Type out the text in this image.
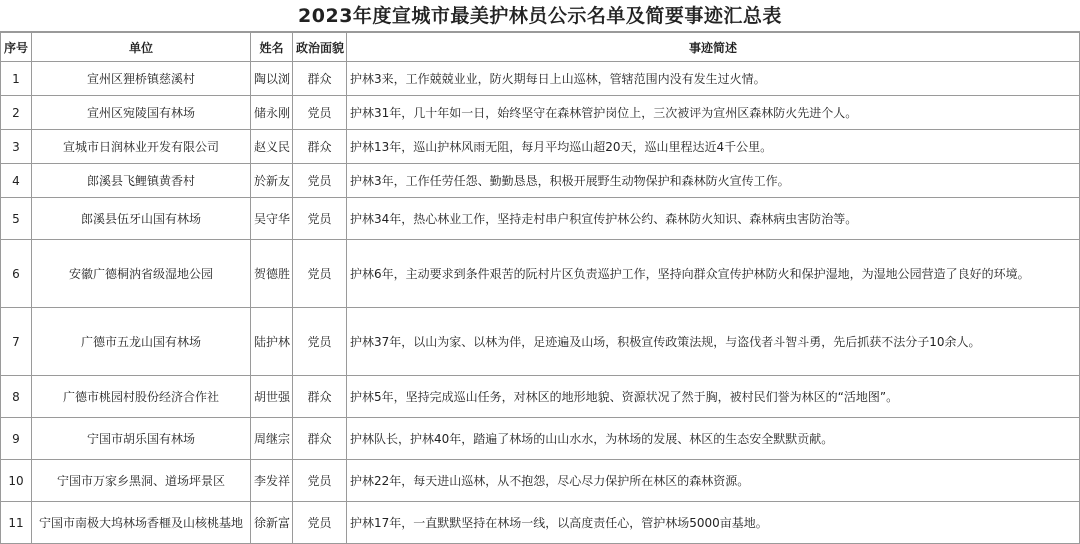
2023年度宣城市最美护林员公示名单及简要事迹汇总表
序号	单位	姓名	政治面貌	事迹简述
1	宣州区狸桥镇慈溪村	陶以浏	群众	护林3来，工作兢兢业业，防火期每日上山巡林，管辖范围内没有发生过火情。
2	宣州区宛陵国有林场	储永刚	党员	护林31年，几十年如一日，始终坚守在森林管护岗位上，三次被评为宣州区森林防火先进个人。
3	宣城市日润林业开发有限公司	赵义民	群众	护林13年，巡山护林风雨无阻，每月平均巡山超20天，巡山里程达近4千公里。
4	郎溪县飞鲤镇黄香村	於新友	党员	护林3年，工作任劳任怨、勤勤恳恳，积极开展野生动物保护和森林防火宣传工作。
5	郎溪县伍牙山国有林场	吴守华	党员	护林34年，热心林业工作，坚持走村串户积宣传护林公约、森林防火知识、森林病虫害防治等。
6	安徽广德桐汭省级湿地公园	贺德胜	党员	护林6年，主动要求到条件艰苦的阮村片区负责巡护工作，坚持向群众宣传护林防火和保护湿地，为湿地公园营造了良好的环境。
7	广德市五龙山国有林场	陆护林	党员	护林37年，以山为家、以林为伴，足迹遍及山场，积极宣传政策法规，与盗伐者斗智斗勇，先后抓获不法分子10余人。
8	广德市桃园村股份经济合作社	胡世强	群众	护林5年，坚持完成巡山任务，对林区的地形地貌、资源状况了然于胸，被村民们誉为林区的“活地图”。
9	宁国市胡乐国有林场	周继宗	群众	护林队长，护林40年，踏遍了林场的山山水水，为林场的发展、林区的生态安全默默贡献。
10	宁国市万家乡黑洞、道场坪景区	李发祥	党员	护林22年，每天进山巡林，从不抱怨，尽心尽力保护所在林区的森林资源。
11	宁国市南极大坞林场香榧及山核桃基地	徐新富	党员	护林17年，一直默默坚持在林场一线，以高度责任心，管护林场5000亩基地。
